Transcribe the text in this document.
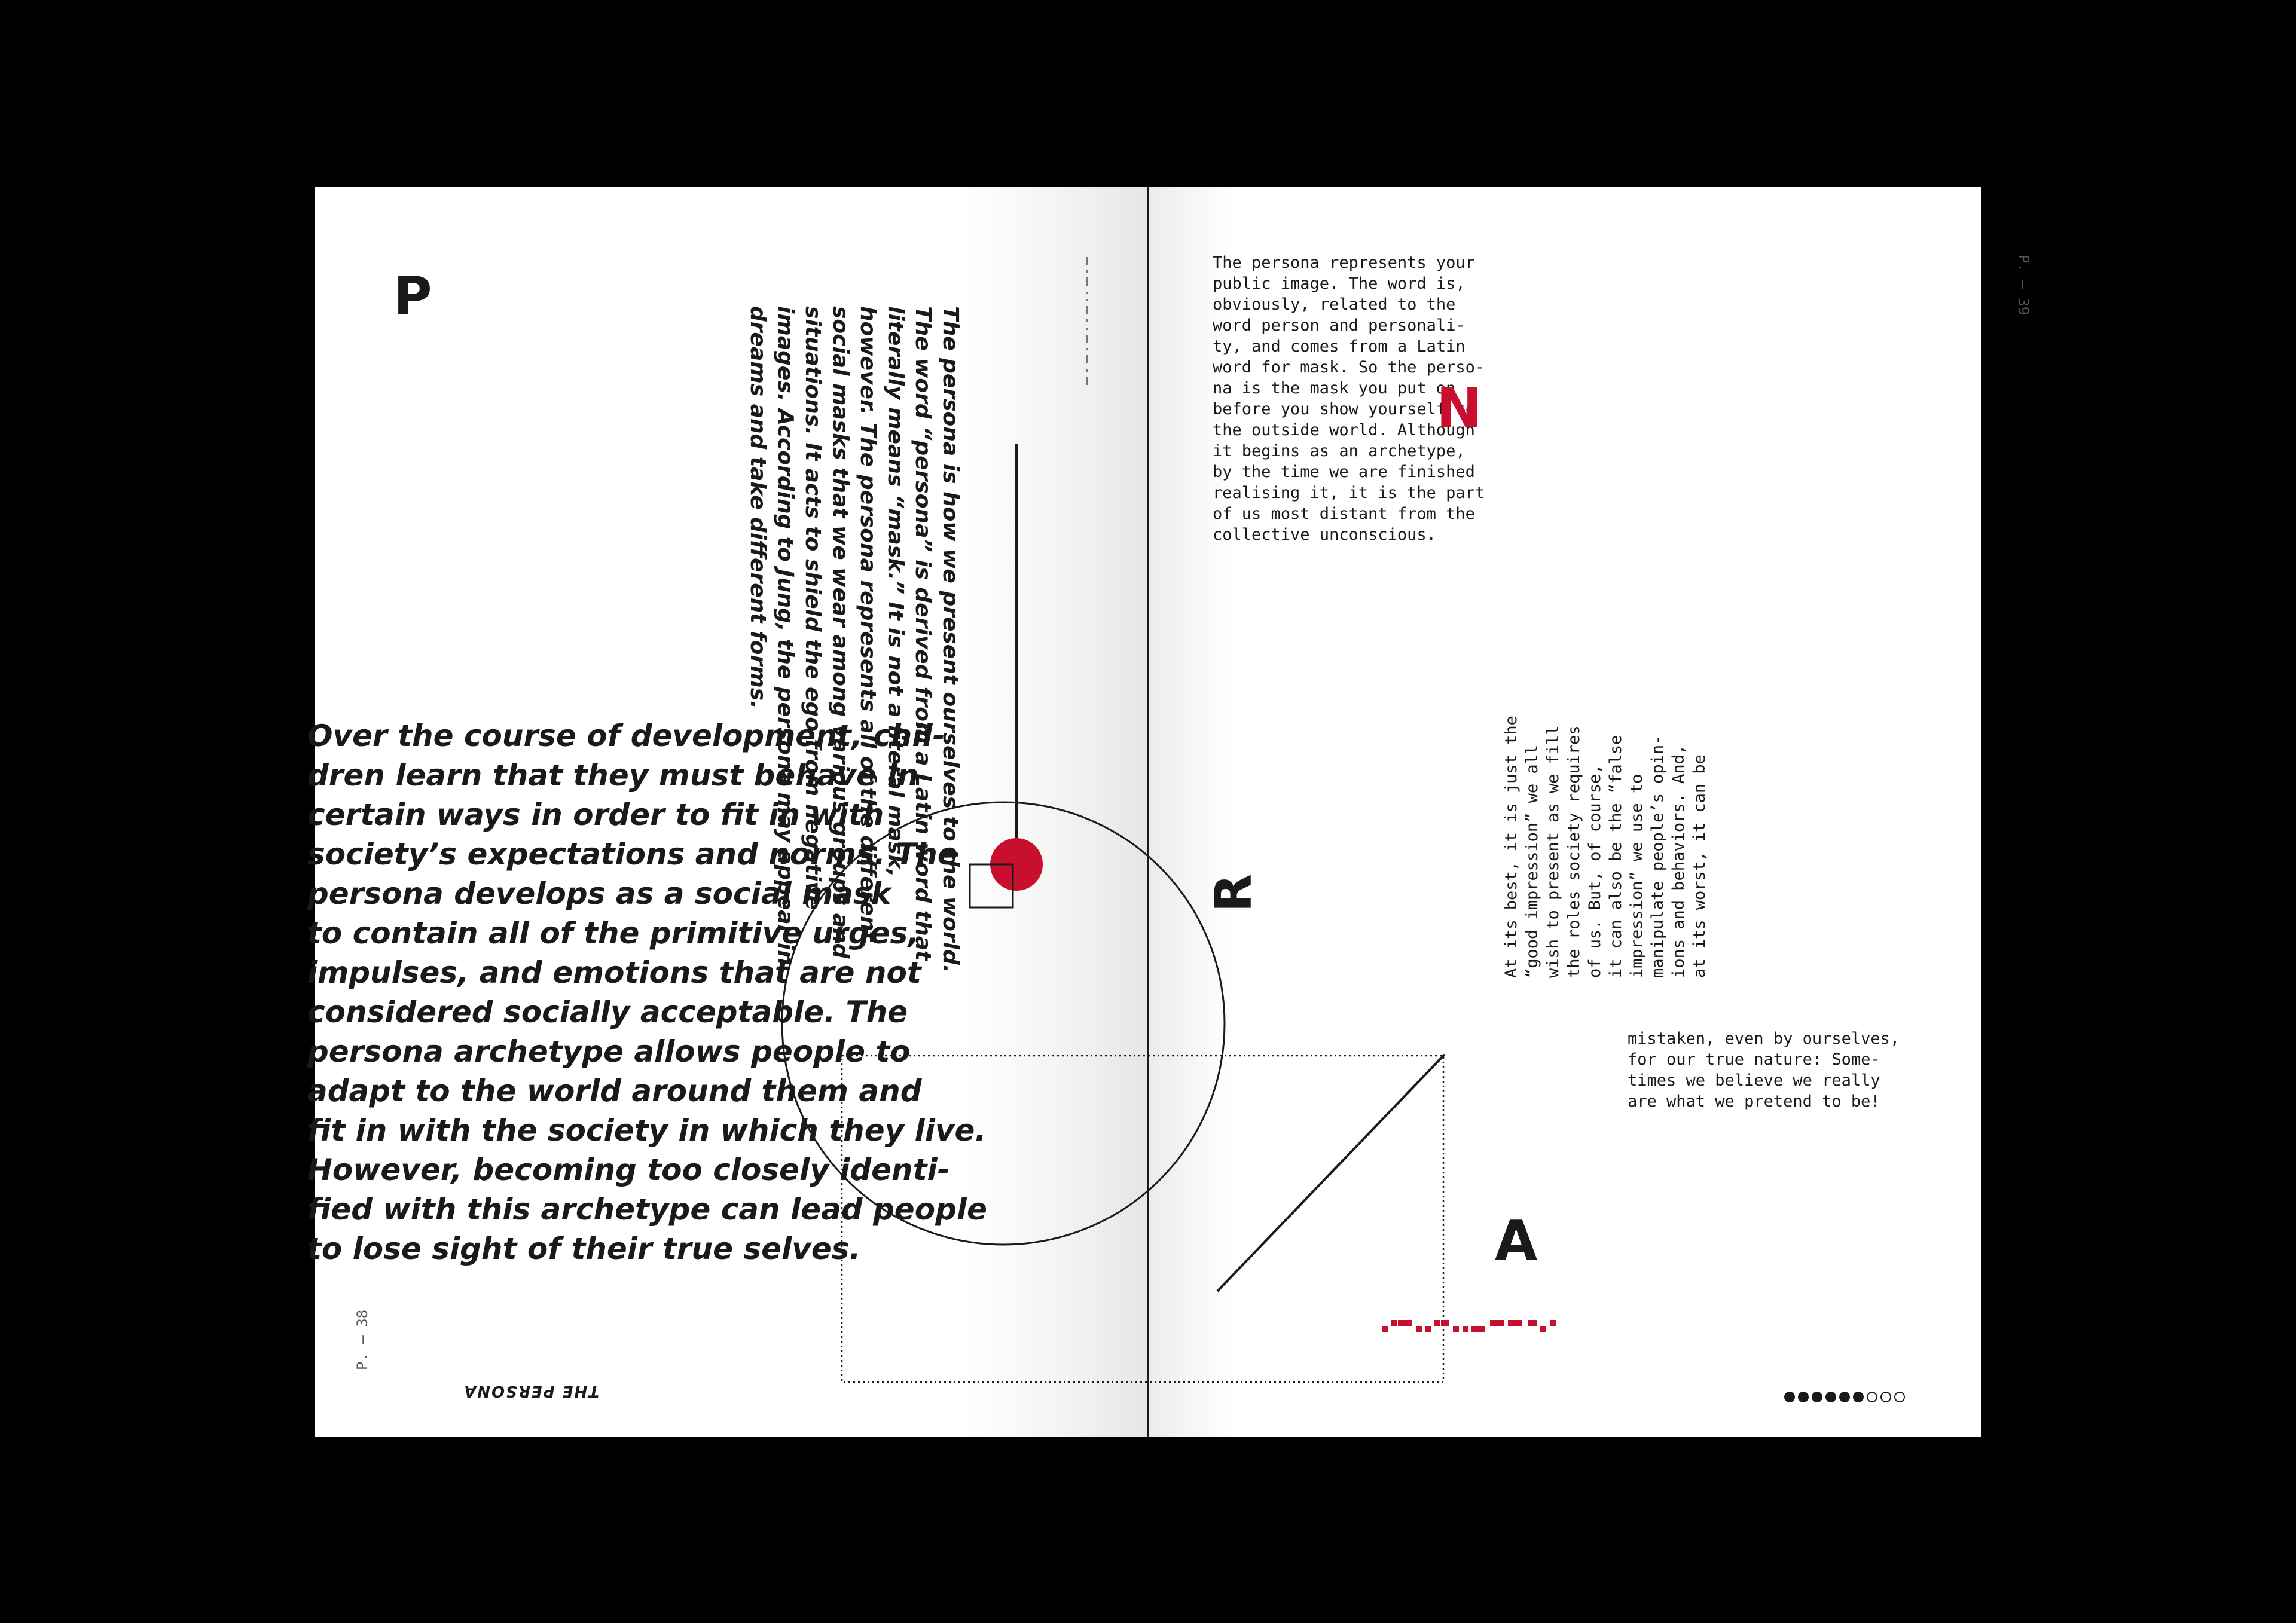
P
The persona is how we present ourselves to the world. The word “persona” is derived from a Latin word that literally means “mask.” It is not a literal mask, however. The persona represents all of the different social masks that we wear among various groups and situations. It acts to shield the ego from negative images. According to Jung, the persona may appear in dreams and take different forms.

Over the course of development, chil-
dren learn that they must behave in
certain ways in order to fit in with
society’s expectations and norms. The
persona develops as a social mask
to contain all of the primitive urges,
impulses, and emotions that are not
considered socially acceptable. The
persona archetype allows people to
adapt to the world around them and
fit in with the society in which they live.
However, becoming too closely identi-
fied with this archetype can lead people
to lose sight of their true selves.

P. – 38
THE PERSONA
P. – 39
The persona represents your
public image. The word is,
obviously, related to the
word person and personali-
ty, and comes from a Latin
word for mask. So the perso-
na is the mask you put on
before you show yourself to
the outside world. Although
it begins as an archetype,
by the time we are finished
realising it, it is the part
of us most distant from the
collective unconscious.
N
R
At its best, it is just the
“good impression” we all
wish to present as we fill
the roles society requires
of us. But, of course,
it can also be the “false
impression” we use to
manipulate people’s opin-
ions and behaviors. And,
at its worst, it can be
mistaken, even by ourselves,
for our true nature: Some-
times we believe we really
are what we pretend to be!
A
